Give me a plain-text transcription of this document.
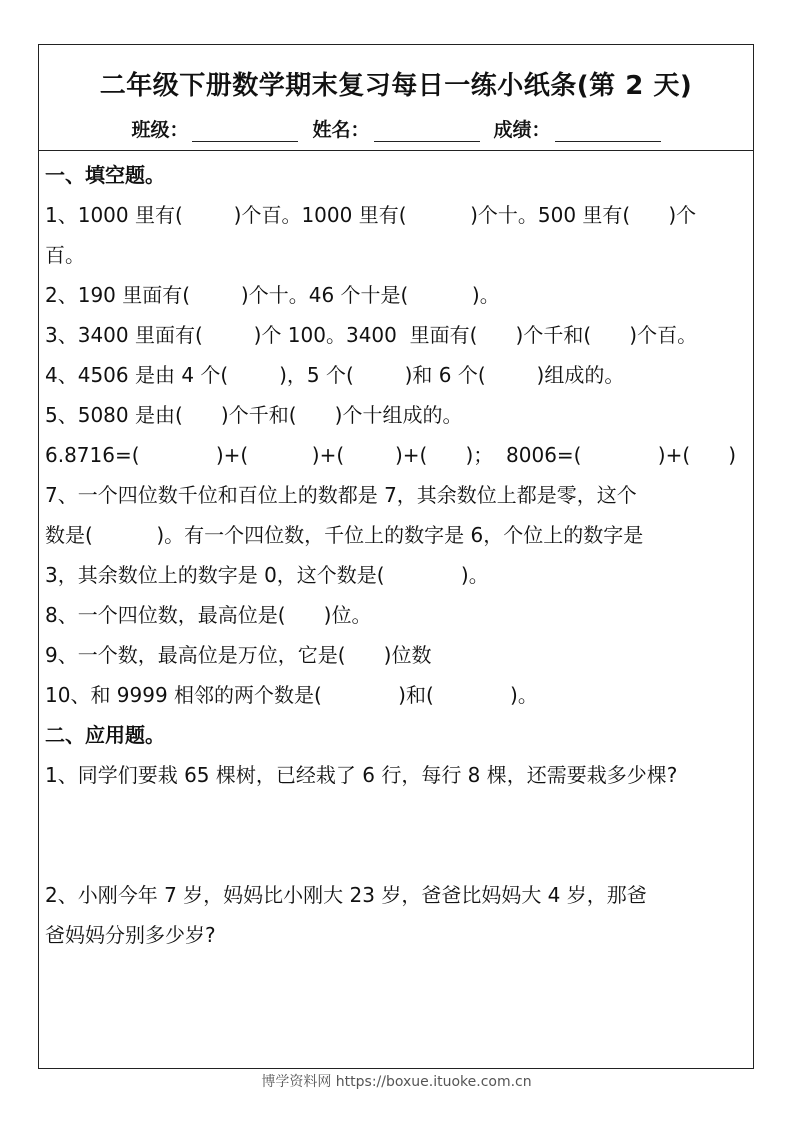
二年级下册数学期末复习每日一练小纸条(第 2 天)
班级：	姓名：	成绩：
一、填空题。
1、1000 里有(        )个百。1000 里有(          )个十。500 里有(      )个
百。
2、190 里面有(        )个十。46 个十是(          )。
3、3400 里面有(        )个 100。3400  里面有(      )个千和(      )个百。
4、4506 是由 4 个(        )，5 个(        )和 6 个(        )组成的。
5、5080 是由(      )个千和(      )个十组成的。
6.8716=(            )+(          )+(        )+(      )；  8006=(            )+(      )
7、一个四位数千位和百位上的数都是 7，其余数位上都是零，这个
数是(          )。有一个四位数，千位上的数字是 6，个位上的数字是
3，其余数位上的数字是 0，这个数是(            )。
8、一个四位数，最高位是(      )位。
9、一个数，最高位是万位，它是(      )位数
10、和 9999 相邻的两个数是(            )和(            )。
二、应用题。
1、同学们要栽 65 棵树，已经栽了 6 行，每行 8 棵，还需要栽多少棵?
2、小刚今年 7 岁，妈妈比小刚大 23 岁，爸爸比妈妈大 4 岁，那爸
爸妈妈分别多少岁?
博学资料网 https://boxue.ituoke.com.cn
